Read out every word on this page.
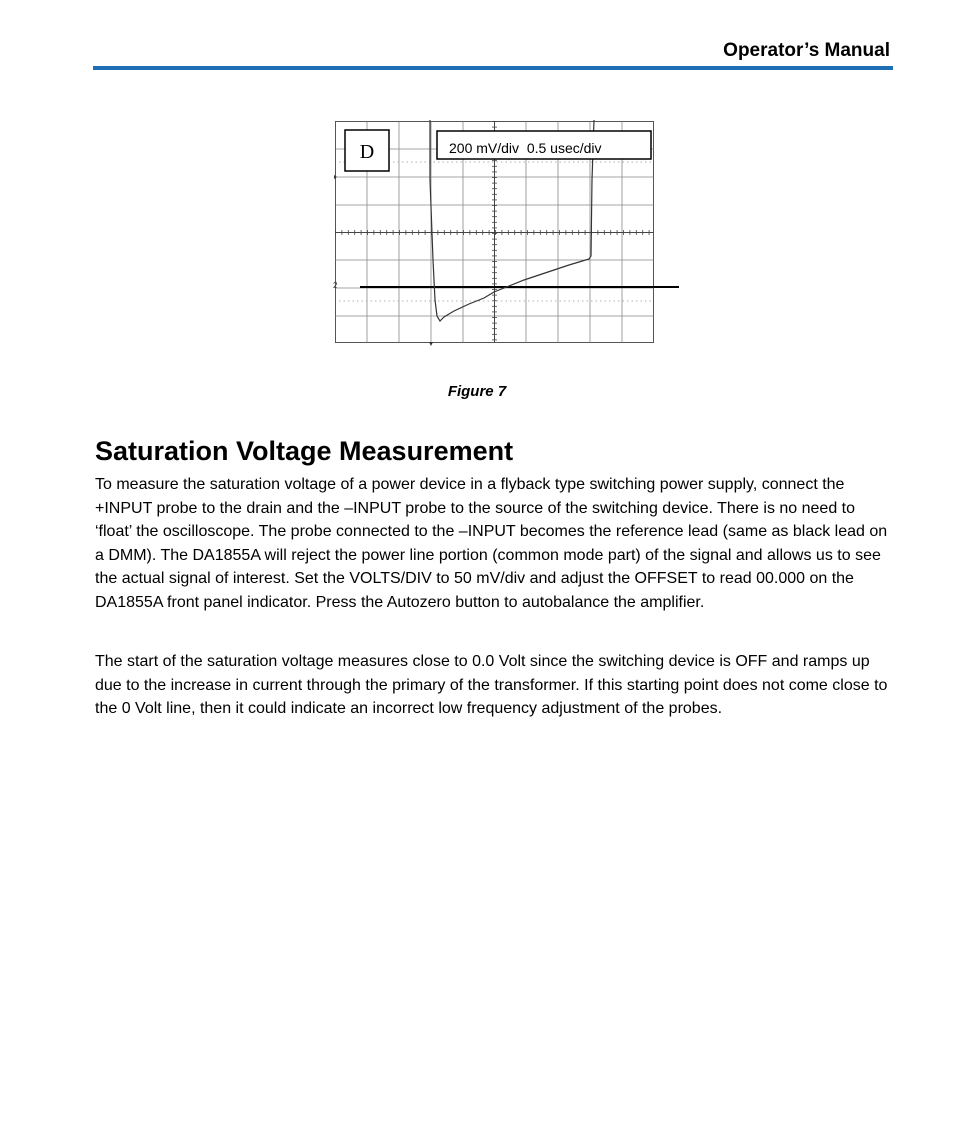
Operator’s Manual
2
D	200 mV/div  0.5 usec/div
Figure 7
Saturation Voltage Measurement

To measure the saturation voltage of a power device in a flyback type switching power supply, connect the +INPUT probe to the drain and the –INPUT probe to the source of the switching device. There is no need to ‘float’ the oscilloscope. The probe connected to the –INPUT becomes the reference lead (same as black lead on a DMM). The DA1855A will reject the power line portion (common mode part) of the signal and allows us to see the actual signal of interest. Set the VOLTS/DIV to 50 mV/div and adjust the OFFSET to read 00.000 on the DA1855A front panel indicator. Press the Autozero button to autobalance the amplifier.

The start of the saturation voltage measures close to 0.0 Volt since the switching device is OFF and ramps up due to the increase in current through the primary of the transformer. If this starting point does not come close to the 0 Volt line, then it could indicate an incorrect low frequency adjustment of the probes.
